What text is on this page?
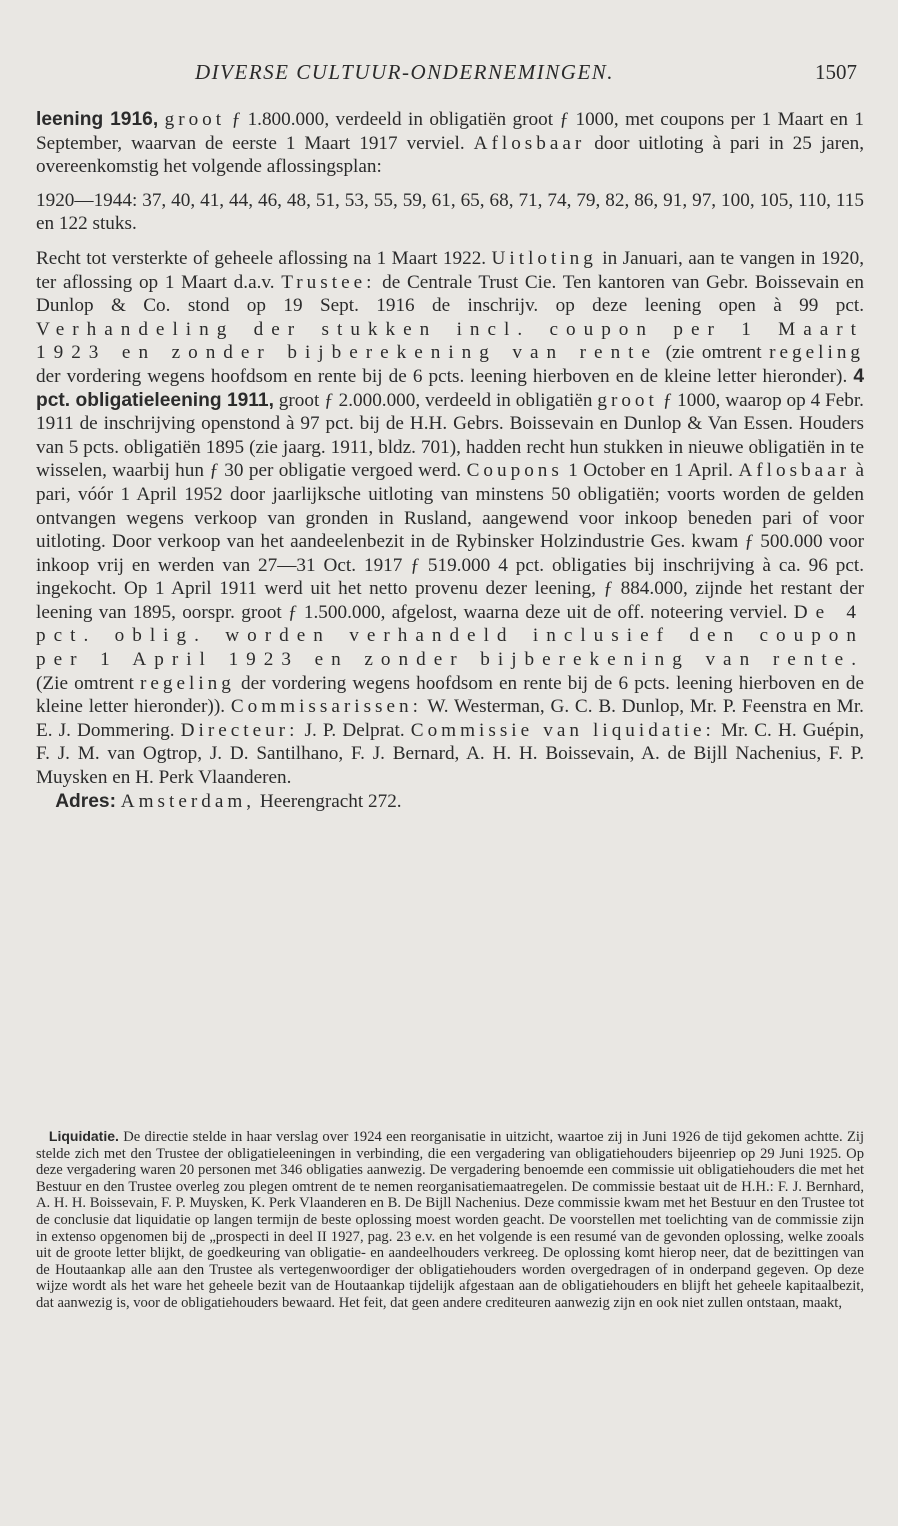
DIVERSE CULTUUR-ONDERNEMINGEN.	1507

leening 1916, groot ƒ 1.800.000, verdeeld in obligatiën groot ƒ 1000, met coupons per 1 Maart en 1 September, waarvan de eerste 1 Maart 1917 verviel. Aflosbaar door uitloting à pari in 25 jaren, overeenkomstig het volgende aflossingsplan:

1920—1944: 37, 40, 41, 44, 46, 48, 51, 53, 55, 59, 61, 65, 68, 71, 74, 79, 82, 86, 91, 97, 100, 105, 110, 115 en 122 stuks.

Recht tot versterkte of geheele aflossing na 1 Maart 1922. Uitloting in Januari, aan te vangen in 1920, ter aflossing op 1 Maart d.a.v. Trustee: de Centrale Trust Cie. Ten kantoren van Gebr. Boissevain en Dunlop & Co. stond op 19 Sept. 1916 de inschrijv. op deze leening open à 99 pct. Verhandeling der stukken incl. coupon per 1 Maart 1923 en zonder bijberekening van rente (zie omtrent regeling der vordering wegens hoofdsom en rente bij de 6 pcts. leening hierboven en de kleine letter hieronder). 4 pct. obligatieleening 1911, groot ƒ 2.000.000, verdeeld in obligatiën groot ƒ 1000, waarop op 4 Febr. 1911 de inschrijving openstond à 97 pct. bij de H.H. Gebrs. Boissevain en Dunlop & Van Essen. Houders van 5 pcts. obligatiën 1895 (zie jaarg. 1911, bldz. 701), hadden recht hun stukken in nieuwe obligatiën in te wisselen, waarbij hun ƒ 30 per obligatie vergoed werd. Coupons 1 October en 1 April. Aflosbaar à pari, vóór 1 April 1952 door jaarlijksche uitloting van minstens 50 obligatiën; voorts worden de gelden ontvangen wegens verkoop van gronden in Rusland, aangewend voor inkoop beneden pari of voor uitloting. Door verkoop van het aandeelenbezit in de Rybinsker Holzindustrie Ges. kwam ƒ 500.000 voor inkoop vrij en werden van 27—31 Oct. 1917 ƒ 519.000 4 pct. obligaties bij inschrijving à ca. 96 pct. ingekocht. Op 1 April 1911 werd uit het netto provenu dezer leening, ƒ 884.000, zijnde het restant der leening van 1895, oorspr. groot ƒ 1.500.000, afgelost, waarna deze uit de off. noteering verviel. De 4 pct. oblig. worden verhandeld inclusief den coupon per 1 April 1923 en zonder bijberekening van rente. (Zie omtrent regeling der vordering wegens hoofdsom en rente bij de 6 pcts. leening hierboven en de kleine letter hieronder)). Commissarissen: W. Westerman, G. C. B. Dunlop, Mr. P. Feenstra en Mr. E. J. Dommering. Directeur: J. P. Delprat. Commissie van liquidatie: Mr. C. H. Guépin, F. J. M. van Ogtrop, J. D. Santilhano, F. J. Bernard, A. H. H. Boissevain, A. de Bijll Nachenius, F. P. Muysken en H. Perk Vlaanderen.

Adres: Amsterdam, Heerengracht 272.

Liquidatie. De directie stelde in haar verslag over 1924 een reorganisatie in uitzicht, waartoe zij in Juni 1926 de tijd gekomen achtte. Zij stelde zich met den Trustee der obligatieleeningen in verbinding, die een vergadering van obligatiehouders bijeenriep op 29 Juni 1925. Op deze vergadering waren 20 personen met 346 obligaties aanwezig. De vergadering benoemde een commissie uit obligatiehouders die met het Bestuur en den Trustee overleg zou plegen omtrent de te nemen reorganisatiemaatregelen. De commissie bestaat uit de H.H.: F. J. Bernhard, A. H. H. Boissevain, F. P. Muysken, K. Perk Vlaanderen en B. De Bijll Nachenius. Deze commissie kwam met het Bestuur en den Trustee tot de conclusie dat liquidatie op langen termijn de beste oplossing moest worden geacht. De voorstellen met toelichting van de commissie zijn in extenso opgenomen bij de „prospecti in deel II 1927, pag. 23 e.v. en het volgende is een resumé van de gevonden oplossing, welke zooals uit de groote letter blijkt, de goedkeuring van obligatie- en aandeelhouders verkreeg. De oplossing komt hierop neer, dat de bezittingen van de Houtaankap alle aan den Trustee als vertegenwoordiger der obligatiehouders worden overgedragen of in onderpand gegeven. Op deze wijze wordt als het ware het geheele bezit van de Houtaankap tijdelijk afgestaan aan de obligatiehouders en blijft het geheele kapitaalbezit, dat aanwezig is, voor de obligatiehouders bewaard. Het feit, dat geen andere crediteuren aanwezig zijn en ook niet zullen ontstaan, maakt,
